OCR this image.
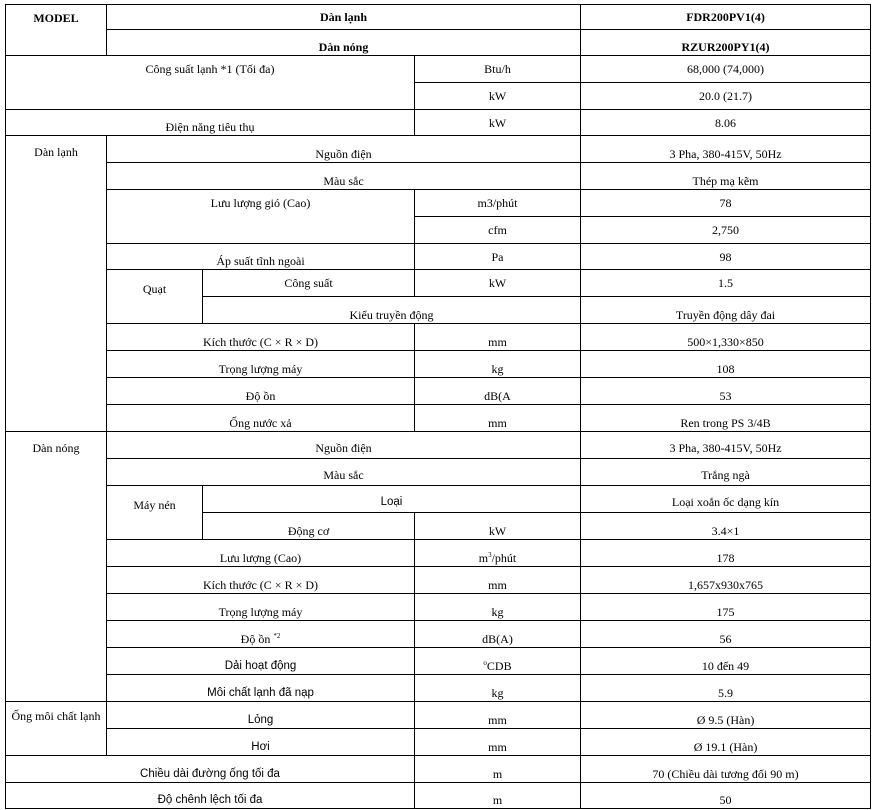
MODEL	Dàn lạnh			FDR200PV1(4)
	Dàn nóng			RZUR200PY1(4)
Công suất lạnh *1 (Tối đa)			Btu/h	68,000 (74,000)
			kW	20.0 (21.7)
Điện năng tiêu thụ			kW	8.06
Dàn lạnh	Nguồn điện			3 Pha, 380-415V, 50Hz
	Màu sắc			Thép mạ kẽm
	Lưu lượng gió (Cao)		m3/phút	78
			cfm	2,750
	Áp suất tĩnh ngoài		Pa	98
	Quạt	Công suất	kW	1.5
		Kiểu truyền động		Truyền động dây đai
	Kích thước (C × R × D)		mm	500×1,330×850
	Trọng lượng máy		kg	108
	Độ ồn		dB(A	53
	Ống nước xả		mm	Ren trong PS 3/4B
Dàn nóng	Nguồn điện			3 Pha, 380-415V, 50Hz
	Màu sắc			Trắng ngà
	Máy nén	Loại		Loại xoắn ốc dạng kín
		Động cơ	kW	3.4×1
	Lưu lượng (Cao)		$m^3$/phút	178
	Kích thước (C × R × D)		mm	1,657x930x765
	Trọng lượng máy		kg	175
	Độ ồn $^{*2}$		dB(A)	56
	Dải hoạt động		$^o$CDB	10 đến 49
	Môi chất lạnh đã nạp		kg	5.9
Ống môi chất lạnh	Lỏng		mm	Ø 9.5 (Hàn)
	Hơi		mm	Ø 19.1 (Hàn)
Chiều dài đường ống tối đa			m	70 (Chiều dài tương đối 90 m)
Độ chênh lệch tối đa			m	50
